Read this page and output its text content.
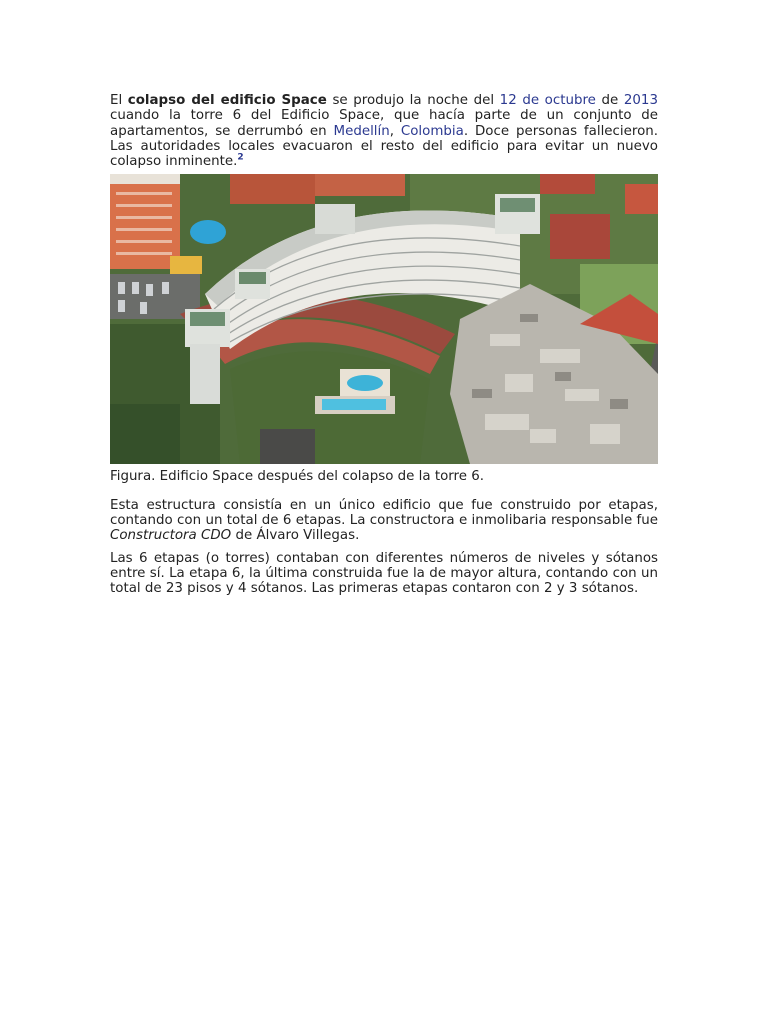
El colapso del edificio Space se produjo la noche del 12 de octubre de 2013 cuando la torre 6 del Edificio Space, que hacía parte de un conjunto de apartamentos, se derrumbó en Medellín, Colombia. Doce personas fallecieron. Las autoridades locales evacuaron el resto del edificio para evitar un nuevo colapso inminente.$^2$

Figura. Edificio Space después del colapso de la torre 6.

Esta estructura consistía en un único edificio que fue construido por etapas, contando con un total de 6 etapas. La constructora e inmolibaria responsable fue Constructora CDO de Álvaro Villegas.

Las 6 etapas (o torres) contaban con diferentes números de niveles y sótanos entre sí. La etapa 6, la última construida fue la de mayor altura, contando con un total de 23 pisos y 4 sótanos. Las primeras etapas contaron con 2 y 3 sótanos.
